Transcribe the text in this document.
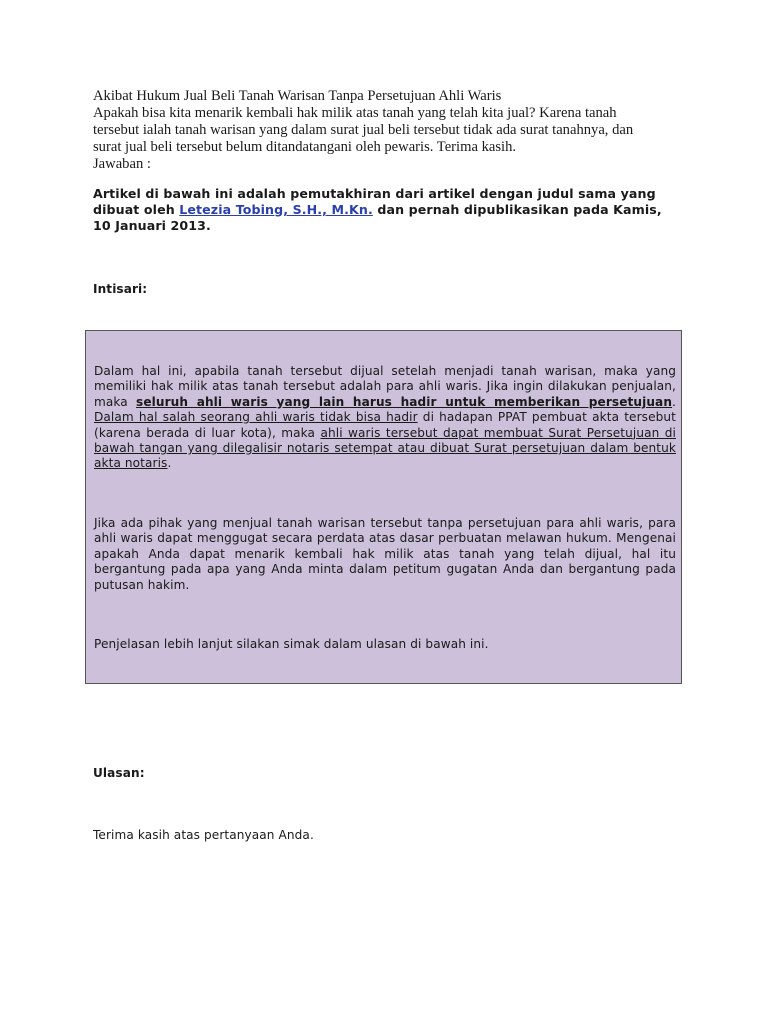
Akibat Hukum Jual Beli Tanah Warisan Tanpa Persetujuan Ahli Waris
Apakah bisa kita menarik kembali hak milik atas tanah yang telah kita jual? Karena tanah
tersebut ialah tanah warisan yang dalam surat jual beli tersebut tidak ada surat tanahnya, dan
surat jual beli tersebut belum ditandatangani oleh pewaris. Terima kasih.
Jawaban :
Artikel di bawah ini adalah pemutakhiran dari artikel dengan judul sama yang dibuat oleh Letezia Tobing, S.H., M.Kn. dan pernah dipublikasikan pada Kamis, 10 Januari 2013.
Intisari:
Dalam hal ini, apabila tanah tersebut dijual setelah menjadi tanah warisan, maka yang memiliki hak milik atas tanah tersebut adalah para ahli waris. Jika ingin dilakukan penjualan, maka seluruh ahli waris yang lain harus hadir untuk memberikan persetujuan. Dalam hal salah seorang ahli waris tidak bisa hadir di hadapan PPAT pembuat akta tersebut (karena berada di luar kota), maka ahli waris tersebut dapat membuat Surat Persetujuan di bawah tangan yang dilegalisir notaris setempat atau dibuat Surat persetujuan dalam bentuk akta notaris.
Jika ada pihak yang menjual tanah warisan tersebut tanpa persetujuan para ahli waris, para ahli waris dapat menggugat secara perdata atas dasar perbuatan melawan hukum. Mengenai apakah Anda dapat menarik kembali hak milik atas tanah yang telah dijual, hal itu bergantung pada apa yang Anda minta dalam petitum gugatan Anda dan bergantung pada putusan hakim.
Penjelasan lebih lanjut silakan simak dalam ulasan di bawah ini.
Ulasan:
Terima kasih atas pertanyaan Anda.
